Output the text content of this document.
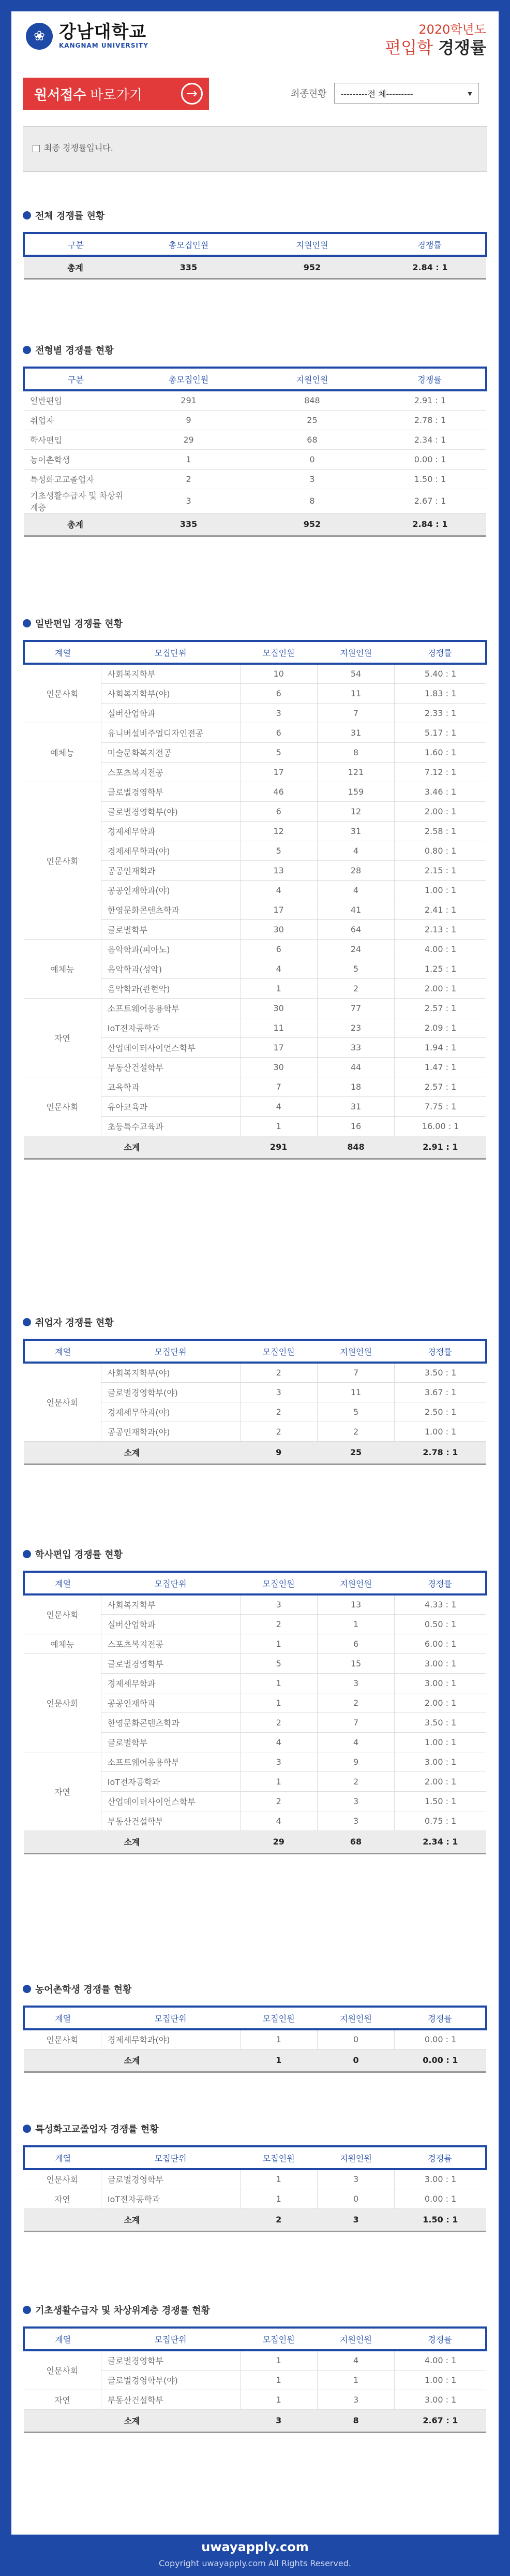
❀ 강남대학교
KANGNAM UNIVERSITY
2020학년도
편입학 경쟁률
원서접수 바로가기	→	최종현황 ---------전 체---------	▾
최종 경쟁률입니다.
전체 경쟁률 현황
구분	총모집인원	지원인원	경쟁률
총계	335	952	2.84 : 1
전형별 경쟁률 현황
구분	총모집인원	지원인원	경쟁률
일반편입	291	848	2.91 : 1
취업자	9	25	2.78 : 1
학사편입	29	68	2.34 : 1
농어촌학생	1	0	0.00 : 1
특성화고교졸업자	2	3	1.50 : 1
기초생활수급자 및 차상위계층	3	8	2.67 : 1
총계	335	952	2.84 : 1
일반편입 경쟁률 현황
계열	모집단위	모집인원	지원인원	경쟁률
인문사회	사회복지학부	10	54	5.40 : 1
	사회복지학부(야)	6	11	1.83 : 1
	실버산업학과	3	7	2.33 : 1
예체능	유니버설비주얼디자인전공	6	31	5.17 : 1
	미술문화복지전공	5	8	1.60 : 1
	스포츠복지전공	17	121	7.12 : 1
인문사회	글로벌경영학부	46	159	3.46 : 1
	글로벌경영학부(야)	6	12	2.00 : 1
	경제세무학과	12	31	2.58 : 1
	경제세무학과(야)	5	4	0.80 : 1
	공공인재학과	13	28	2.15 : 1
	공공인재학과(야)	4	4	1.00 : 1
	한영문화콘텐츠학과	17	41	2.41 : 1
	글로벌학부	30	64	2.13 : 1
예체능	음악학과(피아노)	6	24	4.00 : 1
	음악학과(성악)	4	5	1.25 : 1
	음악학과(관현악)	1	2	2.00 : 1
자연	소프트웨어응용학부	30	77	2.57 : 1
	IoT전자공학과	11	23	2.09 : 1
	산업데이터사이언스학부	17	33	1.94 : 1
	부동산건설학부	30	44	1.47 : 1
인문사회	교육학과	7	18	2.57 : 1
	유아교육과	4	31	7.75 : 1
	초등특수교육과	1	16	16.00 : 1
소계		291	848	2.91 : 1
취업자 경쟁률 현황
계열	모집단위	모집인원	지원인원	경쟁률
인문사회	사회복지학부(야)	2	7	3.50 : 1
	글로벌경영학부(야)	3	11	3.67 : 1
	경제세무학과(야)	2	5	2.50 : 1
	공공인재학과(야)	2	2	1.00 : 1
소계		9	25	2.78 : 1
학사편입 경쟁률 현황
계열	모집단위	모집인원	지원인원	경쟁률
인문사회	사회복지학부	3	13	4.33 : 1
	실버산업학과	2	1	0.50 : 1
예체능	스포츠복지전공	1	6	6.00 : 1
인문사회	글로벌경영학부	5	15	3.00 : 1
	경제세무학과	1	3	3.00 : 1
	공공인재학과	1	2	2.00 : 1
	한영문화콘텐츠학과	2	7	3.50 : 1
	글로벌학부	4	4	1.00 : 1
자연	소프트웨어응용학부	3	9	3.00 : 1
	IoT전자공학과	1	2	2.00 : 1
	산업데이터사이언스학부	2	3	1.50 : 1
	부동산건설학부	4	3	0.75 : 1
소계		29	68	2.34 : 1
농어촌학생 경쟁률 현황
계열	모집단위	모집인원	지원인원	경쟁률
인문사회	경제세무학과(야)	1	0	0.00 : 1
소계		1	0	0.00 : 1
특성화고교졸업자 경쟁률 현황
계열	모집단위	모집인원	지원인원	경쟁률
인문사회	글로벌경영학부	1	3	3.00 : 1
자연	IoT전자공학과	1	0	0.00 : 1
소계		2	3	1.50 : 1
기초생활수급자 및 차상위계층 경쟁률 현황
계열	모집단위	모집인원	지원인원	경쟁률
인문사회	글로벌경영학부	1	4	4.00 : 1
	글로벌경영학부(야)	1	1	1.00 : 1
자연	부동산건설학부	1	3	3.00 : 1
소계		3	8	2.67 : 1
uwayapply.com
Copyright uwayapply.com All Rights Reserved.
